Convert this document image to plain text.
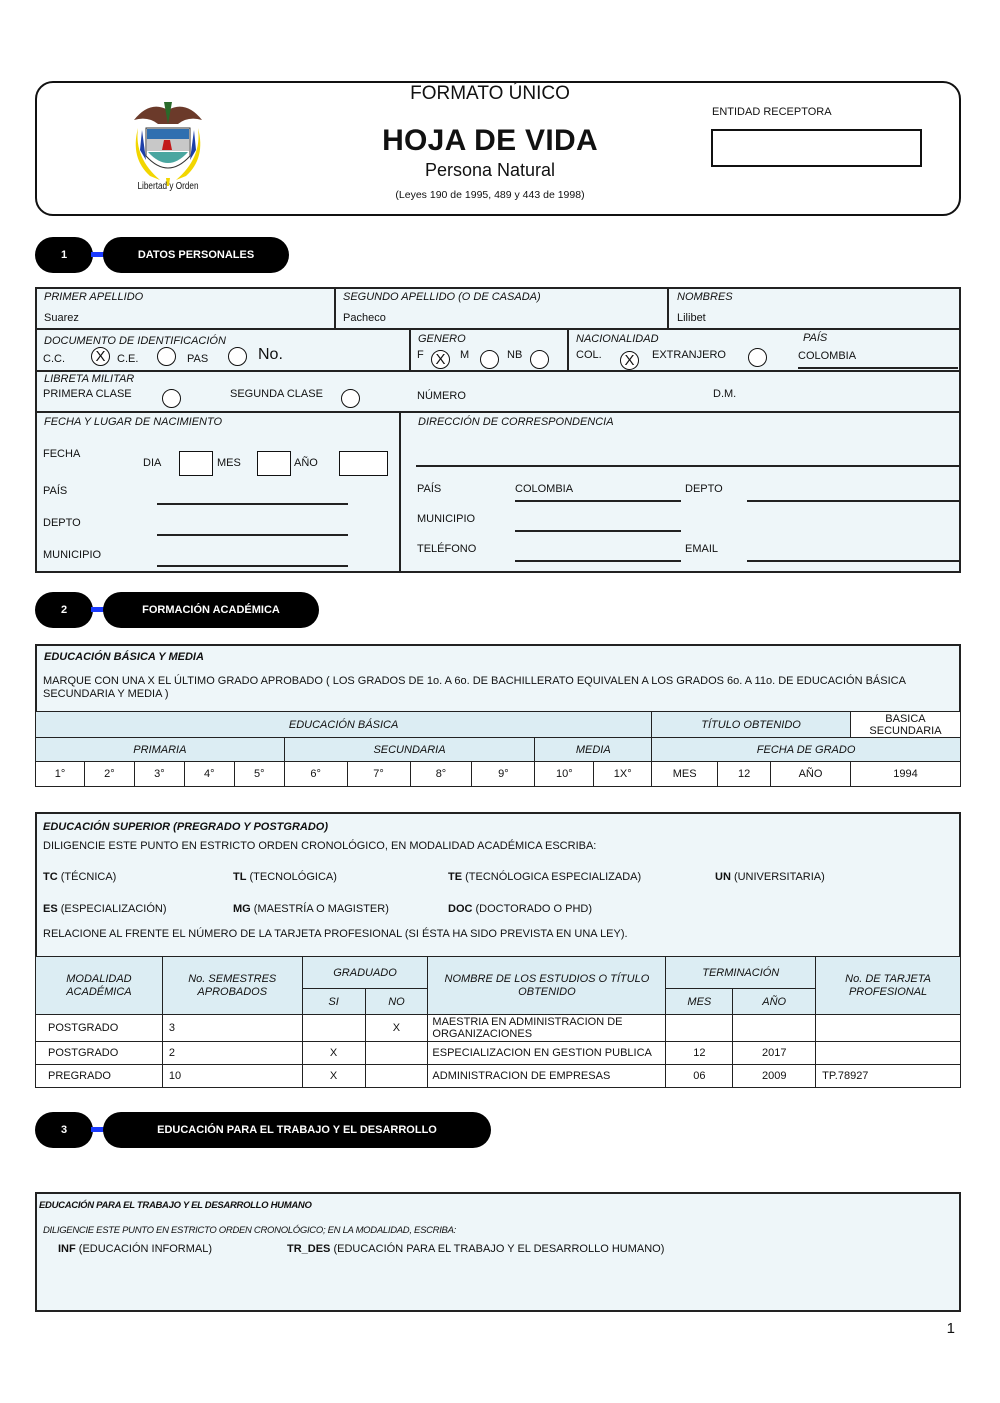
Libertad y Orden
FORMATO ÚNICO
HOJA DE VIDA
Persona Natural
(Leyes 190 de 1995, 489 y 443 de 1998)
ENTIDAD RECEPTORA
1	DATOS PERSONALES
PRIMER APELLIDO
Suarez
SEGUNDO APELLIDO (O DE CASADA)
Pacheco
NOMBRES
Lilibet
DOCUMENTO DE IDENTIFICACIÓN
C.C. X	C.E.	PAS	No.
GENERO
F X	M	NB
NACIONALIDAD
COL. X	EXTRANJERO
PAÍS
COLOMBIA
LIBRETA MILITAR
PRIMERA CLASE	SEGUNDA CLASE	NÚMERO	D.M.
FECHA Y LUGAR DE NACIMIENTO
FECHA
DIA	MES	AÑO
PAÍS
DEPTO
MUNICIPIO
DIRECCIÓN DE CORRESPONDENCIA
PAÍS	COLOMBIA	DEPTO
MUNICIPIO
TELÉFONO	EMAIL
2	FORMACIÓN ACADÉMICA
EDUCACIÓN BÁSICA Y MEDIA
MARQUE CON UNA X EL ÚLTIMO GRADO APROBADO ( LOS GRADOS DE 1o. A 6o. DE BACHILLERATO EQUIVALEN A LOS GRADOS 6o. A 11o. DE EDUCACIÓN BÁSICA SECUNDARIA Y MEDIA )
EDUCACIÓN BÁSICA											TÍTULO OBTENIDO			BASICA SECUNDARIA
PRIMARIA					SECUNDARIA				MEDIA		FECHA DE GRADO			
1°	2°	3°	4°	5°	6°	7°	8°	9°	10°	1X°	MES	12	AÑO	1994
EDUCACIÓN SUPERIOR (PREGRADO Y POSTGRADO)
DILIGENCIE ESTE PUNTO EN ESTRICTO ORDEN CRONOLÓGICO, EN MODALIDAD ACADÉMICA ESCRIBA:
TC (TÉCNICA)	TL (TECNOLÓGICA)	TE (TECNÓLOGICA ESPECIALIZADA)	UN (UNIVERSITARIA)
ES (ESPECIALIZACIÓN)	MG (MAESTRÍA O MAGISTER)	DOC (DOCTORADO O PHD)
RELACIONE AL FRENTE EL NÚMERO DE LA TARJETA PROFESIONAL (SI ÉSTA HA SIDO PREVISTA EN UNA LEY).
MODALIDAD ACADÉMICA	No. SEMESTRES APROBADOS	GRADUADO		NOMBRE DE LOS ESTUDIOS O TÍTULO OBTENIDO	TERMINACIÓN		No. DE TARJETA PROFESIONAL
		SI	NO		MES	AÑO	
POSTGRADO	3		X	MAESTRIA EN ADMINISTRACION DE ORGANIZACIONES			
POSTGRADO	2	X		ESPECIALIZACION EN GESTION PUBLICA	12	2017	
PREGRADO	10	X		ADMINISTRACION DE EMPRESAS	06	2009	TP.78927
3	EDUCACIÓN PARA EL TRABAJO Y EL DESARROLLO
EDUCACIÓN PARA EL TRABAJO Y EL DESARROLLO HUMANO
DILIGENCIE ESTE PUNTO EN ESTRICTO ORDEN CRONOLÓGICO; EN LA MODALIDAD, ESCRIBA:
INF (EDUCACIÓN INFORMAL)	TR_DES (EDUCACIÓN PARA EL TRABAJO Y EL DESARROLLO HUMANO)
1
